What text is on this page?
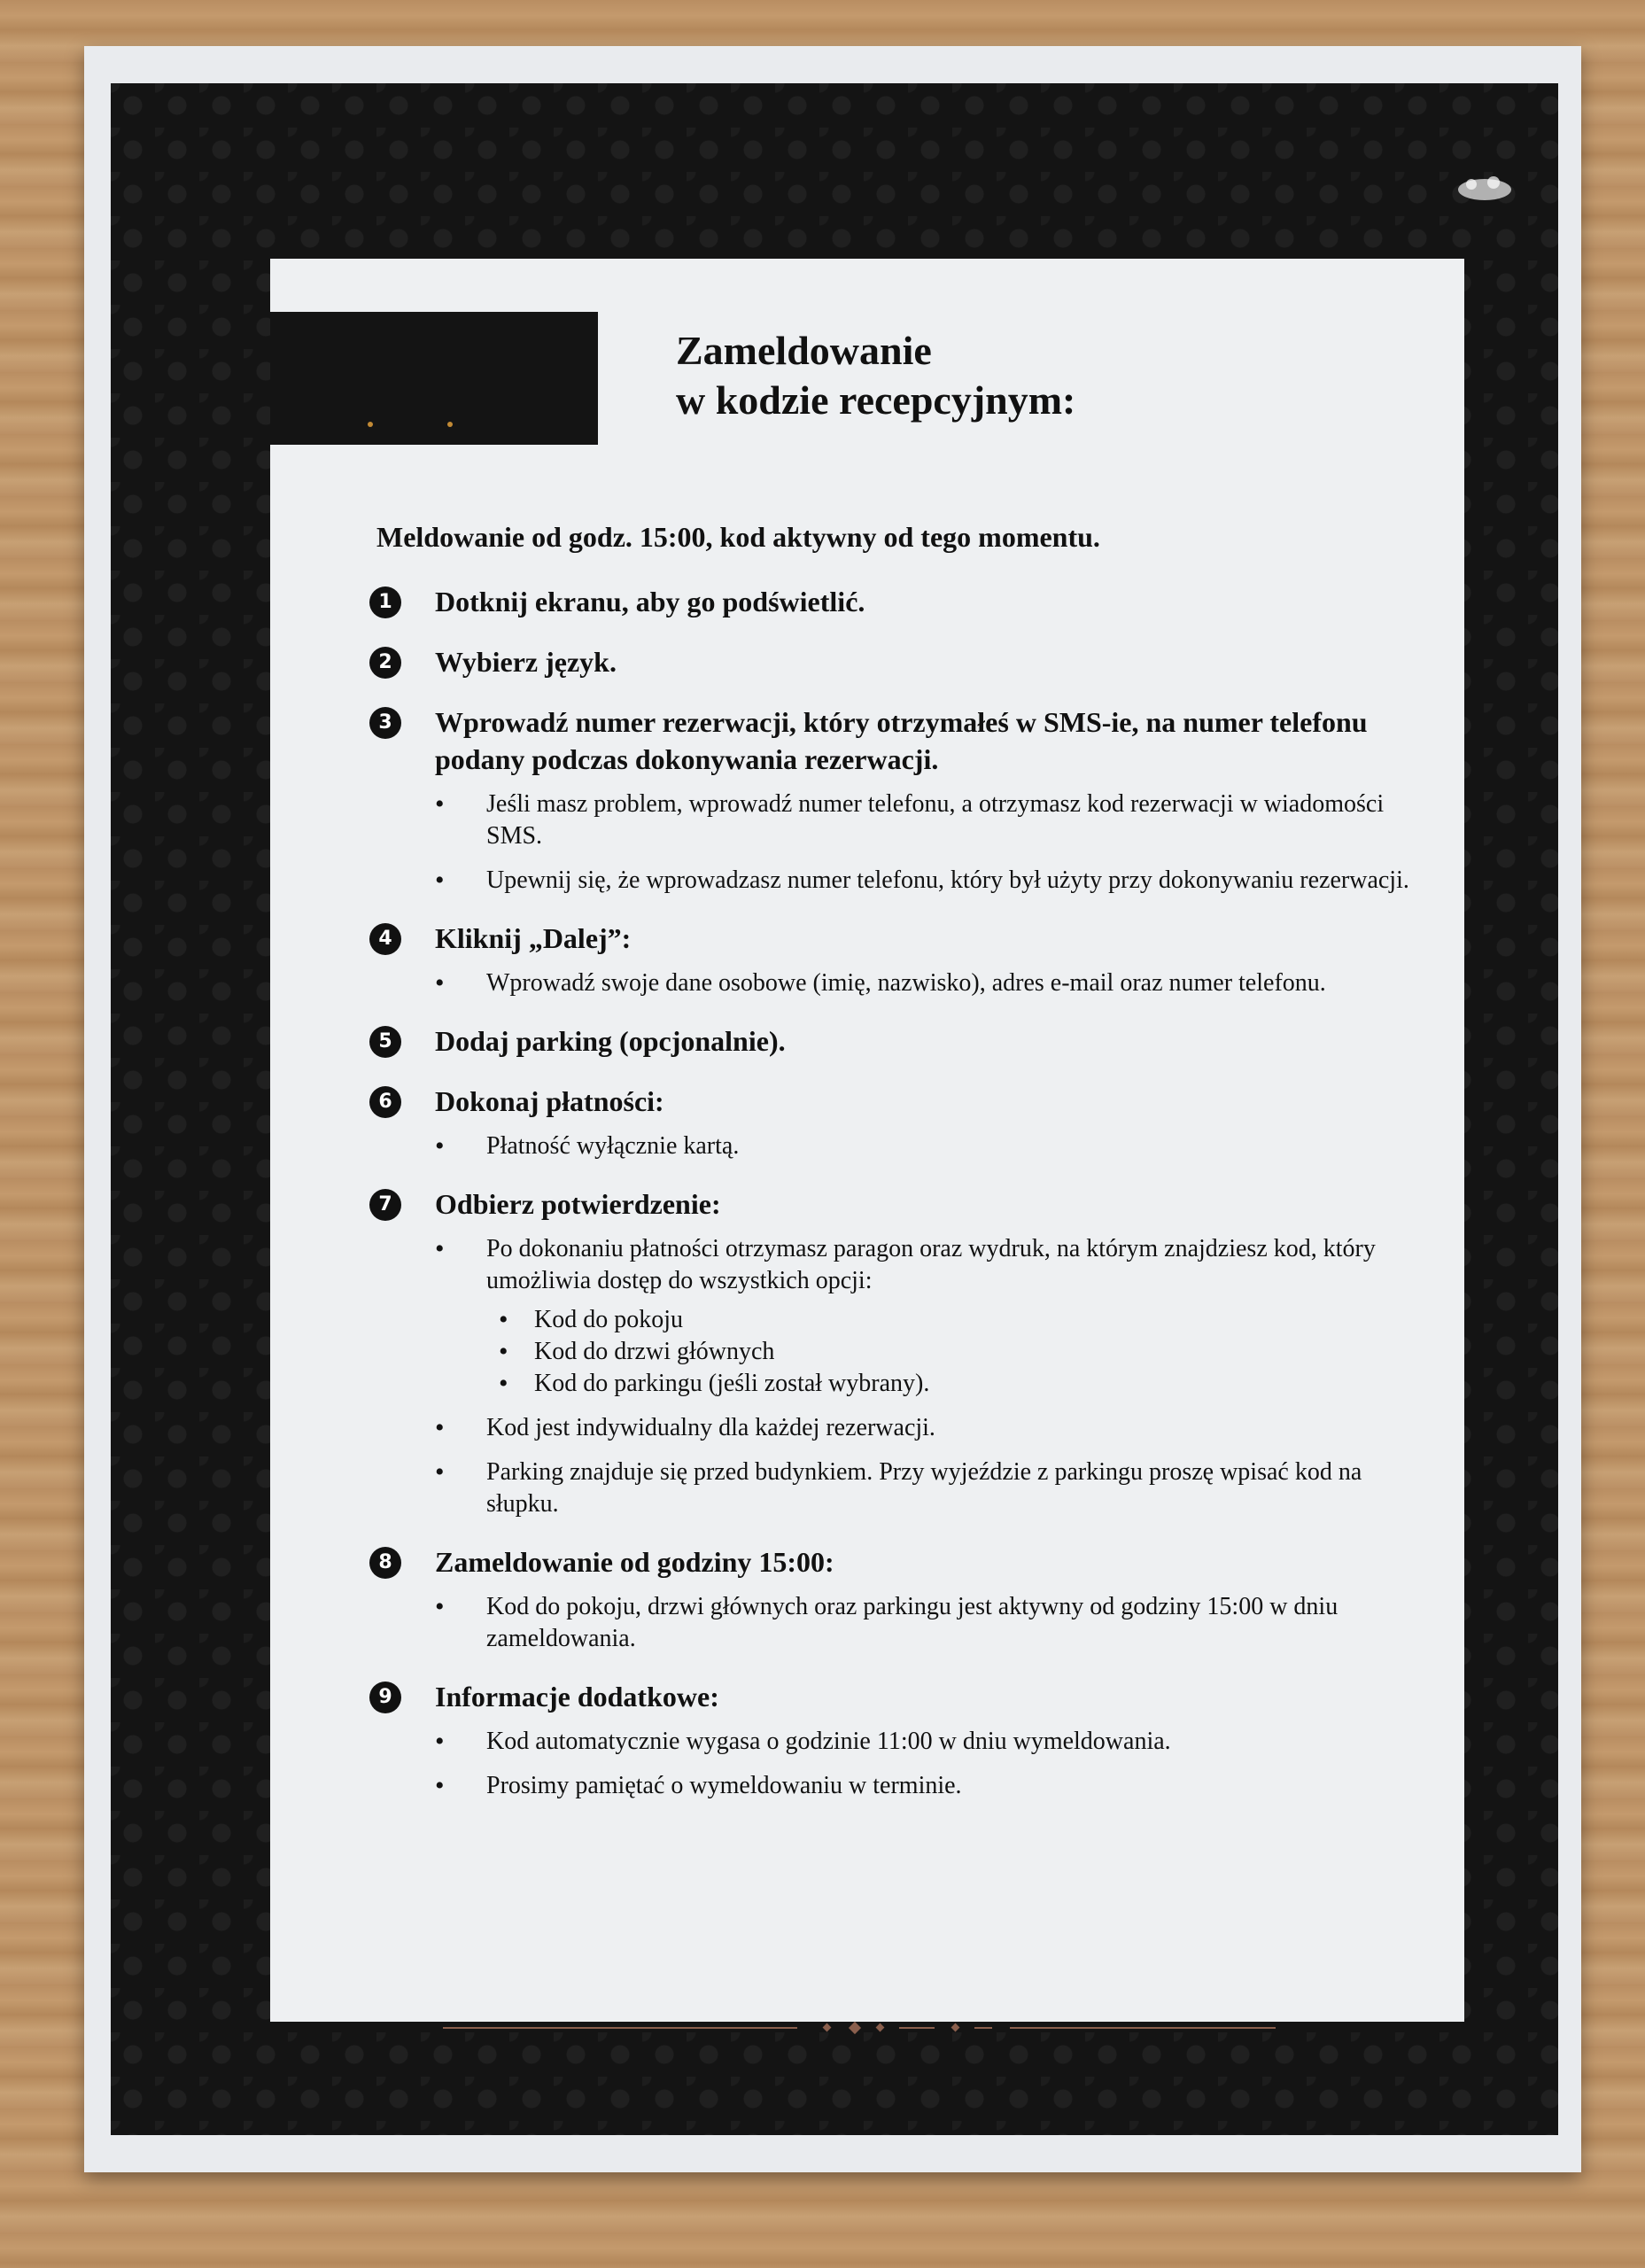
Zamеldowanie
w kodzie recepcyjnym:

Meldowanie od godz. 15:00, kod aktywny od tego momentu.

1	Dotknij ekranu, aby go podświetlić.

2	Wybierz język.

3	Wprowadź numer rezerwacji, który otrzymałeś w SMS-ie, na numer telefonu podany podczas dokonywania rezerwacji.

• Jeśli masz problem, wprowadź numer telefonu, a otrzymasz kod rezerwacji w wiadomości SMS.
• Upewnij się, że wprowadzasz numer telefonu, który był użyty przy dokonywaniu rezerwacji.
4	Kliknij „Dalej”:

• Wprowadź swoje dane osobowe (imię, nazwisko), adres e-mail oraz numer telefonu.
5	Dodaj parking (opcjonalnie).

6	Dokonaj płatności:

• Płatność wyłącznie kartą.
7	Odbierz potwierdzenie:

• Po dokonaniu płatności otrzymasz paragon oraz wydruk, na którym znajdziesz kod, który umożliwia dostęp do wszystkich opcji:
• Kod do pokoju
• Kod do drzwi głównych
• Kod do parkingu (jeśli został wybrany).
• Kod jest indywidualny dla każdej rezerwacji.
• Parking znajduje się przed budynkiem. Przy wyjeździe z parkingu proszę wpisać kod na słupku.
8	Zameldowanie od godziny 15:00:

• Kod do pokoju, drzwi głównych oraz parkingu jest aktywny od godziny 15:00 w dniu zameldowania.
9	Informacje dodatkowe:

• Kod automatycznie wygasa o godzinie 11:00 w dniu wymeldowania.
• Prosimy pamiętać o wymeldowaniu w terminie.
